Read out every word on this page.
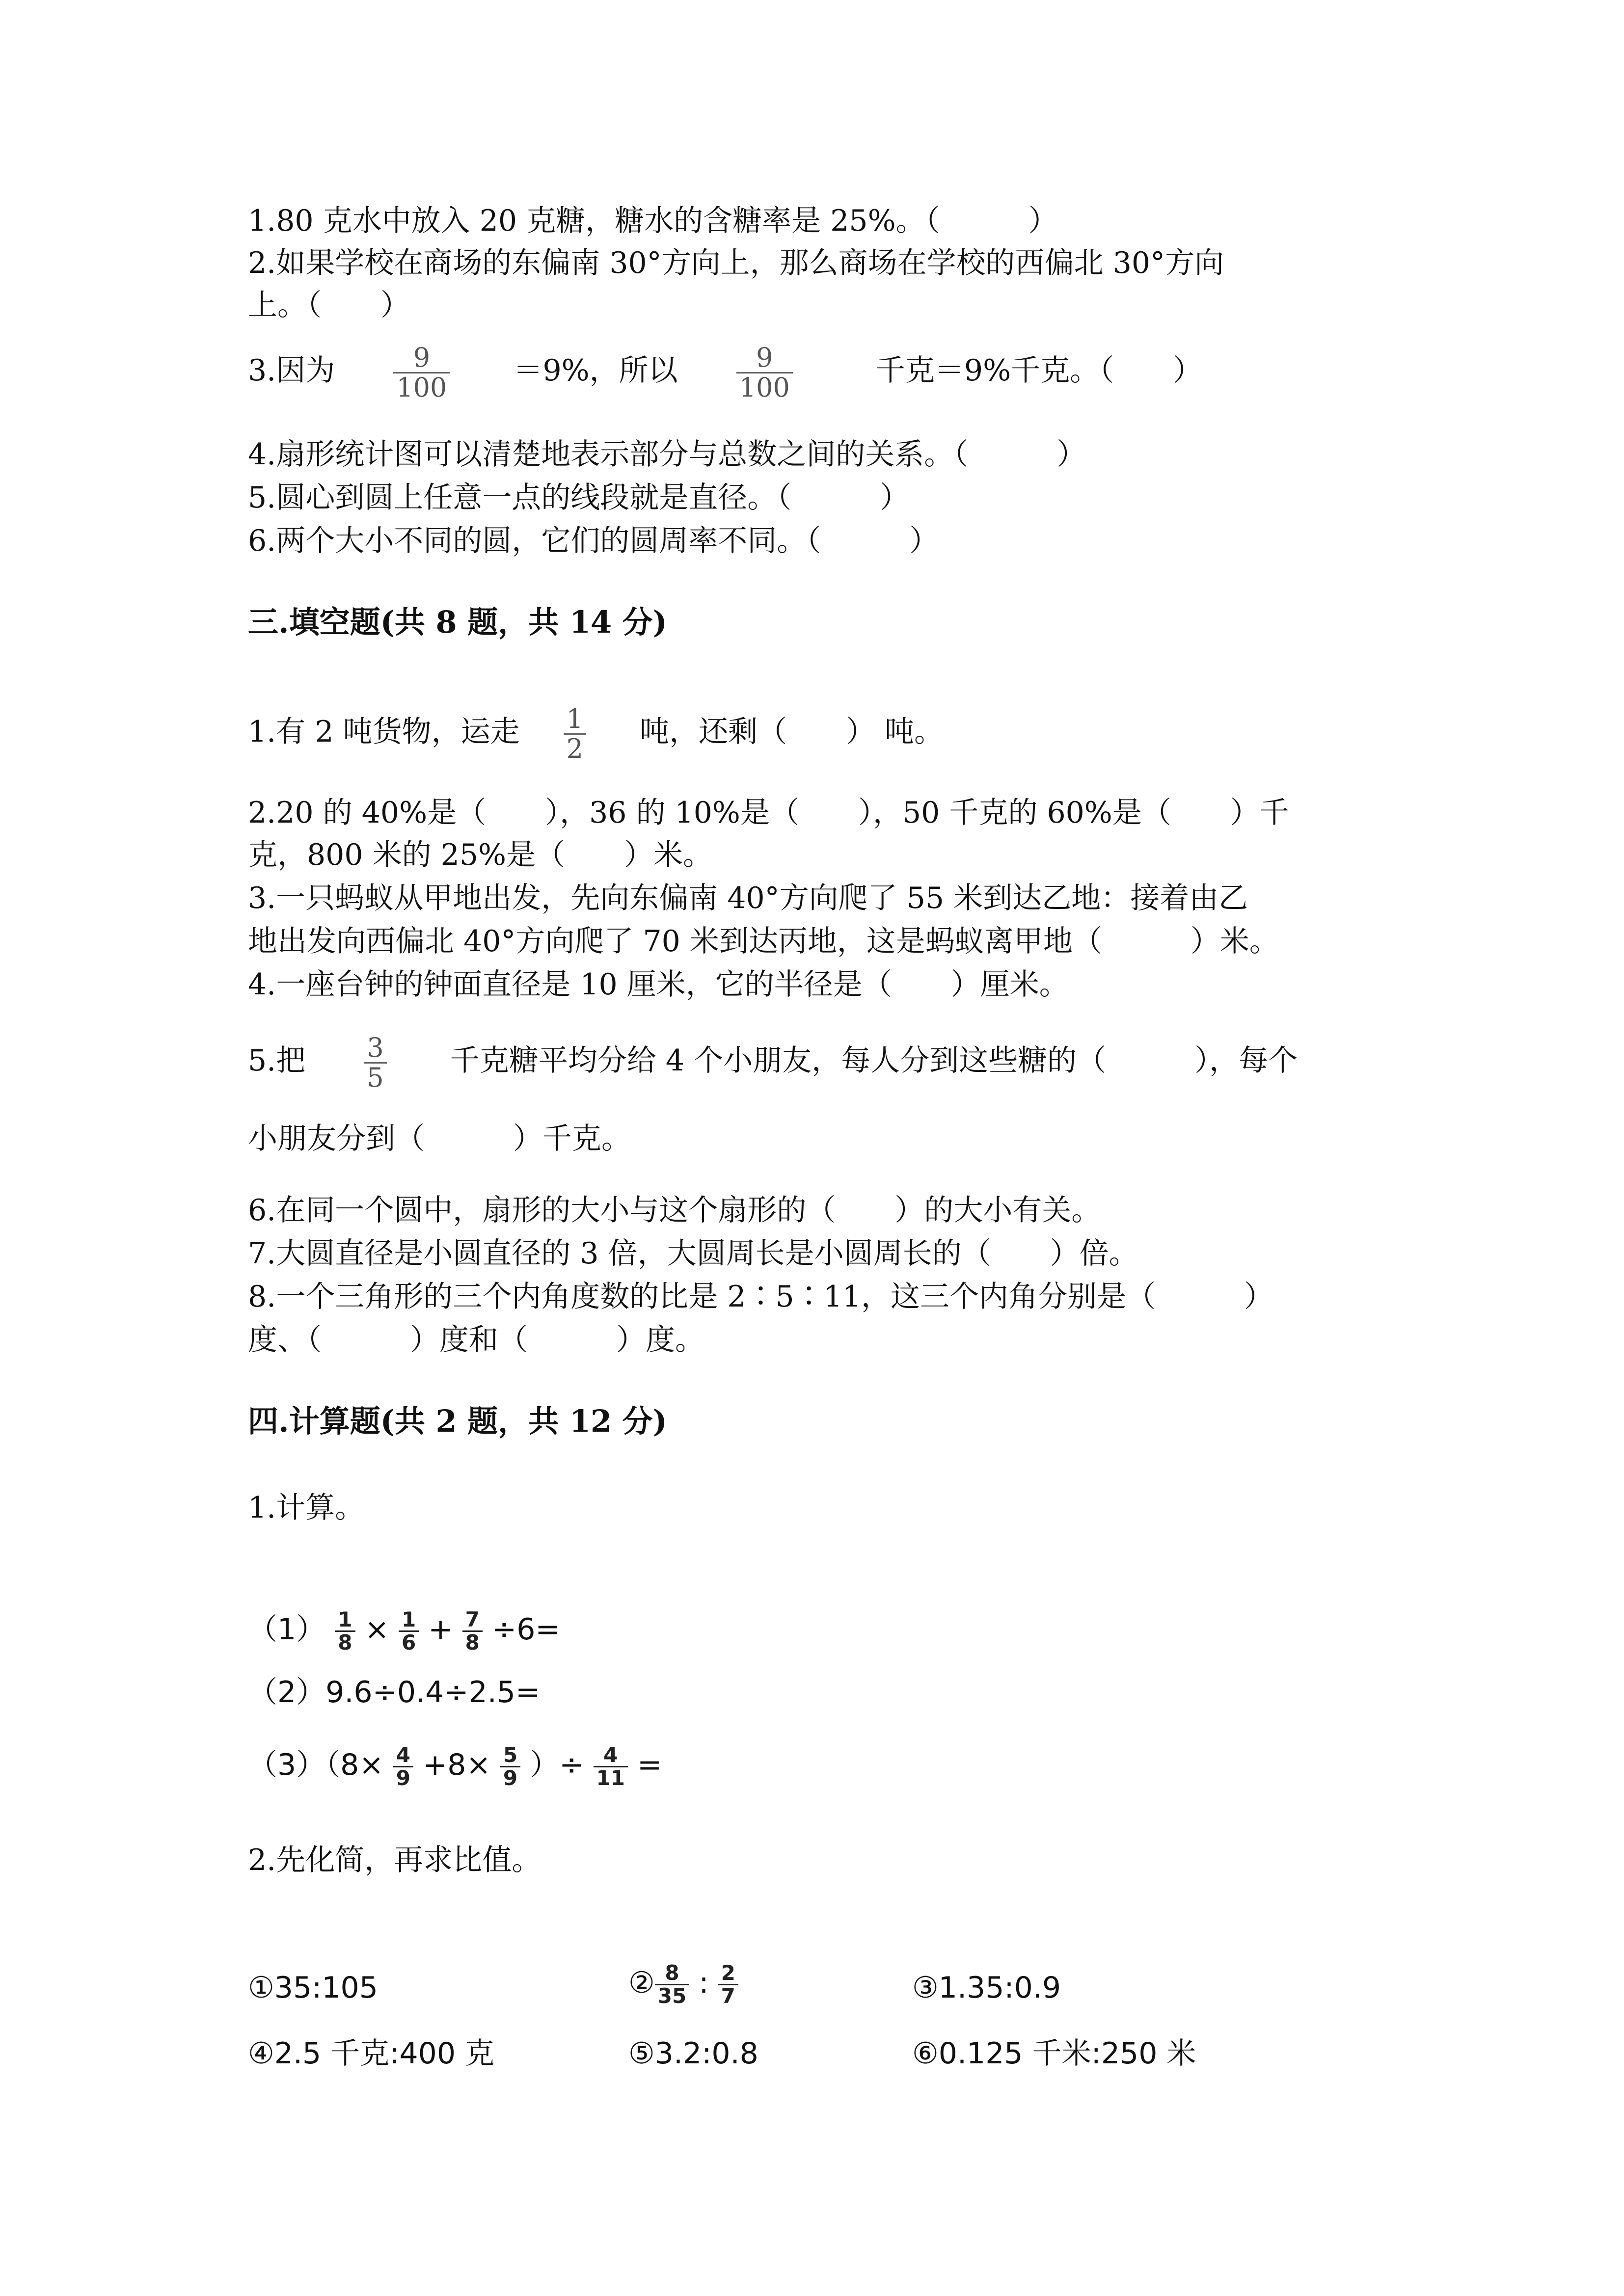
1.80 克水中放入 20 克糖，糖水的含糖率是 25%。（　　　）
2.如果学校在商场的东偏南 30°方向上，那么商场在学校的西偏北 30°方向
上。（　　）
3.因为 $\frac{9}{100} =9\%$，所以 $\frac{9}{100}$	千克＝9%千克。（　　）
4.扇形统计图可以清楚地表示部分与总数之间的关系。（　　　）
5.圆心到圆上任意一点的线段就是直径。（　　　）
6.两个大小不同的圆，它们的圆周率不同。（　　　）
三.填空题(共 8 题，共 14 分)
1.有 2 吨货物，运走 $\frac{1}{2}$ 吨，还剩（　　） 吨。
2.20 的 40%是（　　），36 的 10%是（　　），50 千克的 60%是（　　）千
克，800 米的 25%是（　　）米。
3.一只蚂蚁从甲地出发，先向东偏南 40°方向爬了 55 米到达乙地：接着由乙
地出发向西偏北 40°方向爬了 70 米到达丙地，这是蚂蚁离甲地（　　　）米。
4.一座台钟的钟面直径是 10 厘米，它的半径是（　　）厘米。
5.把 $\frac{3}{5}$ 千克糖平均分给 4 个小朋友，每人分到这些糖的（　　　），每个
小朋友分到（　　　）千克。
6.在同一个圆中，扇形的大小与这个扇形的（　　）的大小有关。
7.大圆直径是小圆直径的 3 倍，大圆周长是小圆周长的（　　）倍。
8.一个三角形的三个内角度数的比是 2∶5∶11，这三个内角分别是（　　　）
度、（　　　）度和（　　　）度。
四.计算题(共 2 题，共 12 分)
1.计算。
$(1) \frac{1}{8} \times \frac{1}{6} + \frac{7}{8} \div 6=$
（2）9.6÷0.4÷2.5=
$(3)(8\times \frac{4}{9} +8\times \frac{5}{9}$ ）÷ $\frac{4}{11}$ =
2.先化简，再求比值。
①35:105	② $\frac{8}{35}$ : $\frac{2}{7}$	③1.35:0.9
④2.5 千克:400 克	⑤3.2:0.8	⑥0.125 千米:250 米
